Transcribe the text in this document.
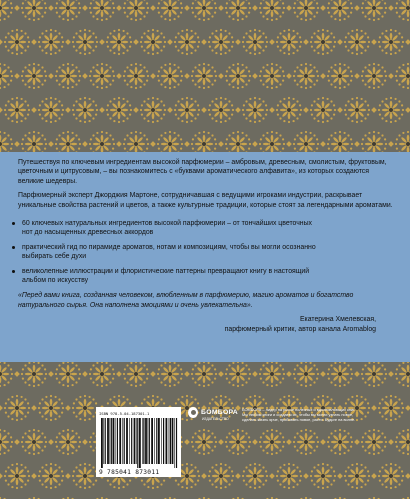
Путешествуя по ключевым ингредиентам высокой парфюмерии – амбровым, древесным, смолистым, фруктовым, цветочным и цитрусовым, – вы познакомитесь с «буквами ароматического алфавита», из которых создаются великие шедевры.

Парфюмерный эксперт Джорджия Мартоне, сотрудничавшая с ведущими игроками индустрии, раскрывает уникальные свойства растений и цветов, а также культурные традиции, которые стоят за легендарными ароматами.

60 ключевых натуральных ингредиентов высокой парфюмерии – от тончайших цветочных нот до насыщенных древесных аккордов
практический гид по пирамиде ароматов, нотам и композициям, чтобы вы могли осознанно выбирать себе духи
великолепные иллюстрации и флористические паттерны превращают книгу в настоящий альбом по искусству

«Перед вами книга, созданная человеком, влюбленным в парфюмерию, магию ароматов и богатство натурального сырья. Она наполнена эмоциями и очень увлекательна».

Екатерина Хмелевская,
парфюмерный критик, автор канала Aromablog
ISBN 978-5-04-187301-1
9 785041 873011
БОМБОРА
ИЗДАТЕЛЬСТВО
БОМБОРА – лидер на рынке полезных и вдохновляющих книг. Мы любим книги и создаем их, чтобы вы могли узнать новое, сделать жизнь ярче, пробовать новое, расти. Будьте на волне.
